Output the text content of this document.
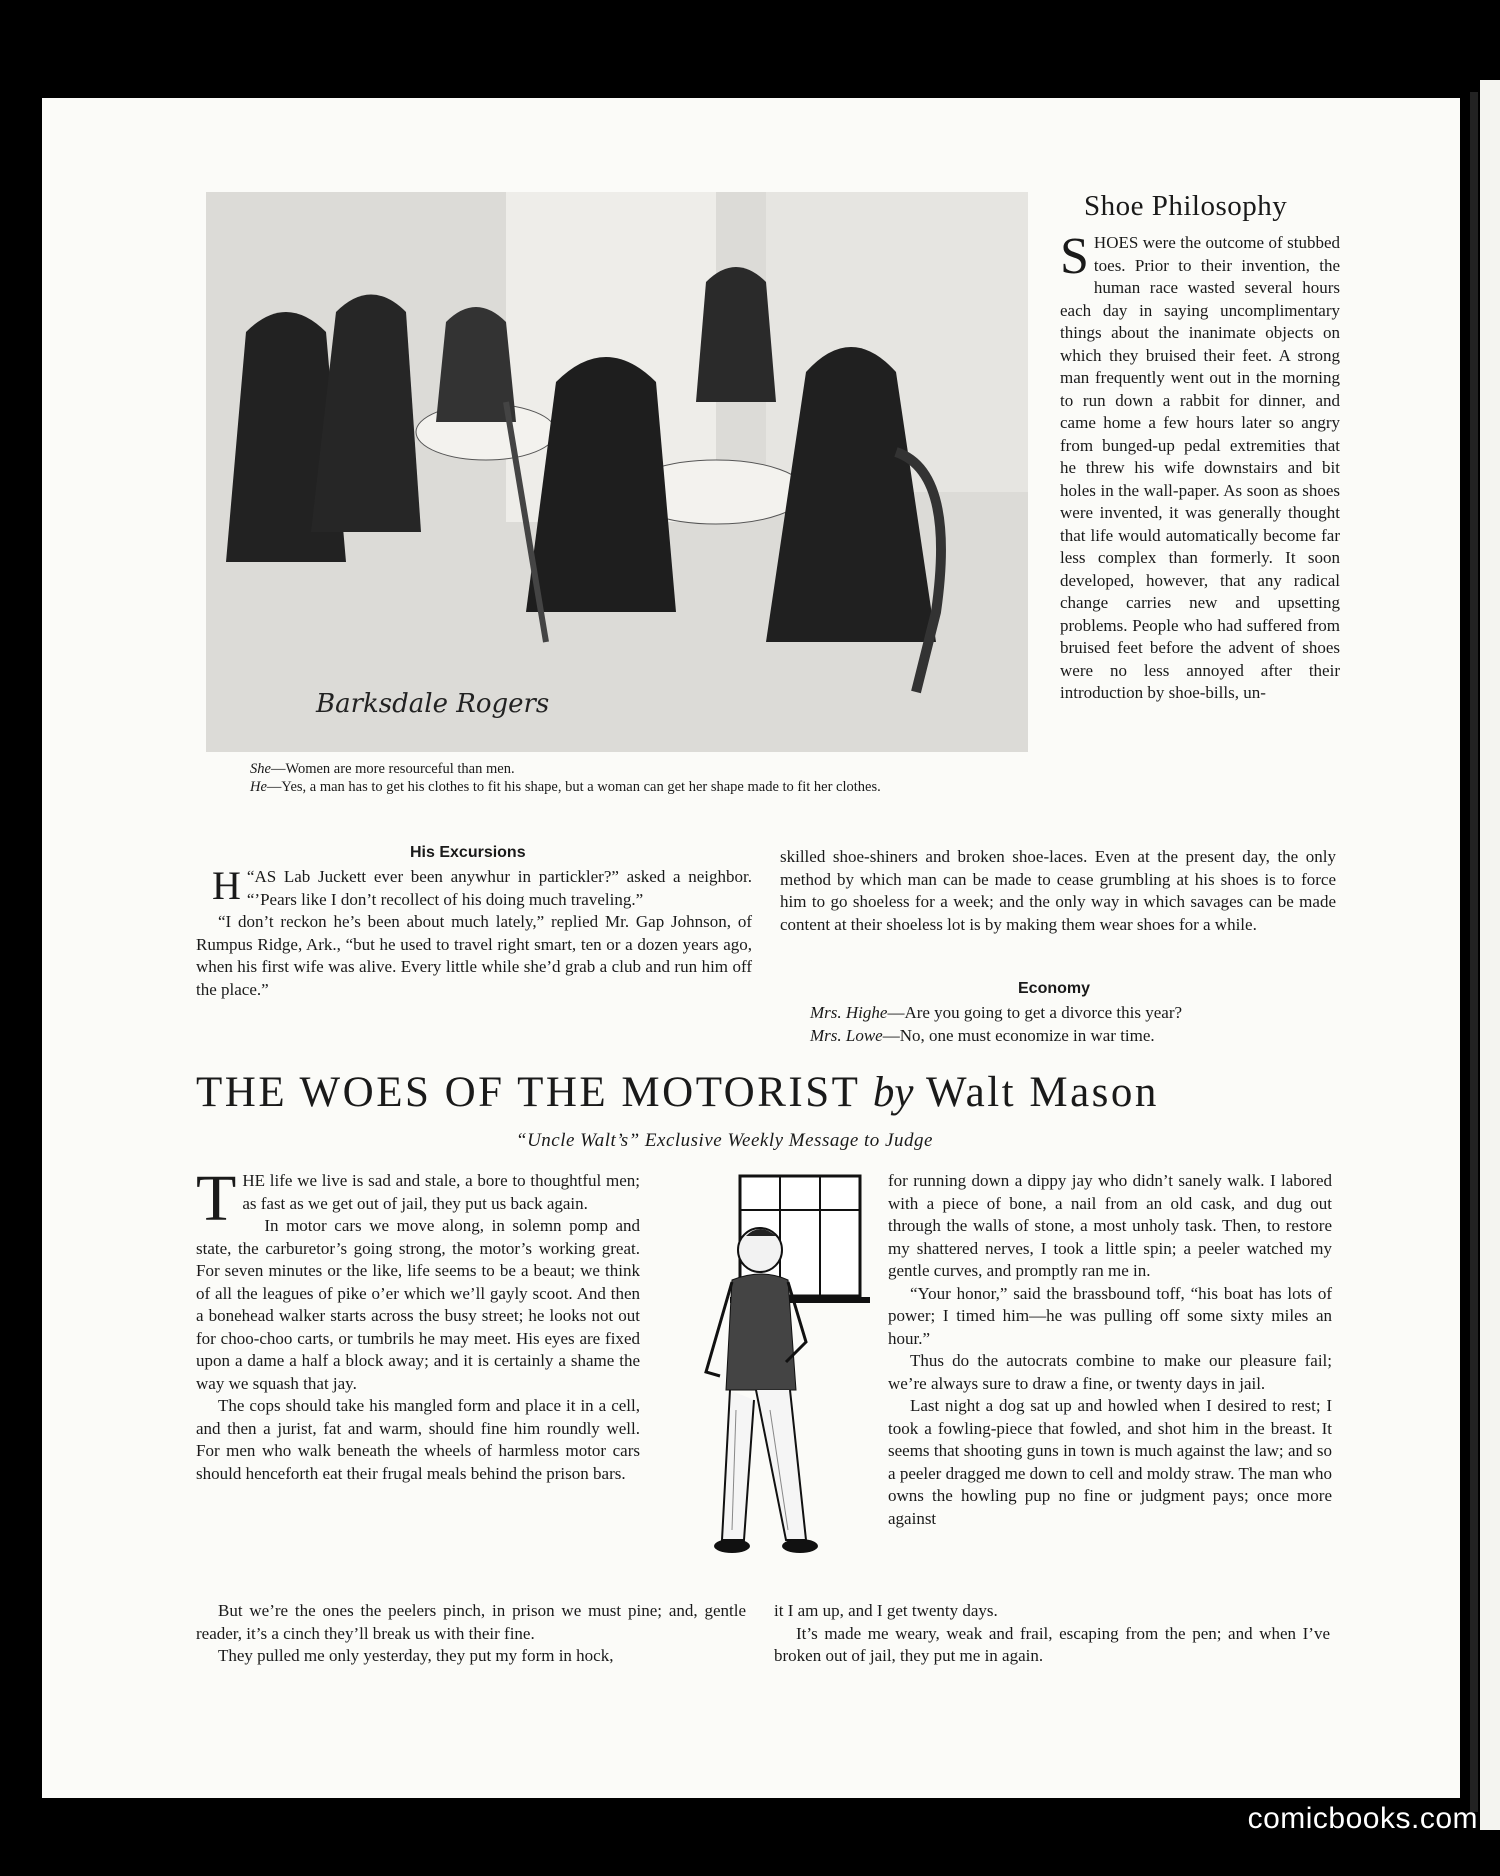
Barksdale Rogers
She—Women are more resourceful than men.
He—Yes, a man has to get his clothes to fit his shape, but a woman can get her shape made to fit her clothes.
Shoe Philosophy
SHOES were the outcome of stubbed toes. Prior to their invention, the human race wasted several hours each day in saying uncomplimentary things about the inanimate objects on which they bruised their feet. A strong man frequently went out in the morning to run down a rabbit for dinner, and came home a few hours later so angry from bunged-up pedal extremities that he threw his wife downstairs and bit holes in the wall-paper. As soon as shoes were invented, it was generally thought that life would automatically become far less complex than formerly. It soon developed, however, that any radical change carries new and upsetting problems. People who had suffered from bruised feet before the advent of shoes were no less annoyed after their introduction by shoe-bills, un-
His Excursions

“
H AS Lab Juckett ever been anywhur in partickler?” asked a neighbor. “’Pears like I don’t recollect of his doing much traveling.”

“I don’t reckon he’s been about much lately,” replied Mr. Gap Johnson, of Rumpus Ridge, Ark., “but he used to travel right smart, ten or a dozen years ago, when his first wife was alive. Every little while she’d grab a club and run him off the place.”

skilled shoe-shiners and broken shoe-laces. Even at the present day, the only method by which man can be made to cease grumbling at his shoes is to force him to go shoeless for a week; and the only way in which savages can be made content at their shoeless lot is by making them wear shoes for a while.

Economy

Mrs. Highe—Are you going to get a divorce this year?

Mrs. Lowe—No, one must economize in war time.

THE WOES OF THE MOTORIST by Walt Mason
“Uncle Walt’s” Exclusive Weekly Message to Judge

THE life we live is sad and stale, a bore to thoughtful men; as fast as we get out of jail, they put us back again.

In motor cars we move along, in solemn pomp and state, the carburetor’s going strong, the motor’s working great. For seven minutes or the like, life seems to be a beaut; we think of all the leagues of pike o’er which we’ll gayly scoot. And then a bonehead walker starts across the busy street; he looks not out for choo-choo carts, or tumbrils he may meet. His eyes are fixed upon a dame a half a block away; and it is certainly a shame the way we squash that jay.

The cops should take his mangled form and place it in a cell, and then a jurist, fat and warm, should fine him roundly well. For men who walk beneath the wheels of harmless motor cars should henceforth eat their frugal meals behind the prison bars.

for running down a dippy jay who didn’t sanely walk. I labored with a piece of bone, a nail from an old cask, and dug out through the walls of stone, a most unholy task. Then, to restore my shattered nerves, I took a little spin; a peeler watched my gentle curves, and promptly ran me in.

“Your honor,” said the brassbound toff, “his boat has lots of power; I timed him—he was pulling off some sixty miles an hour.”

Thus do the autocrats combine to make our pleasure fail; we’re always sure to draw a fine, or twenty days in jail.

Last night a dog sat up and howled when I desired to rest; I took a fowling-piece that fowled, and shot him in the breast. It seems that shooting guns in town is much against the law; and so a peeler dragged me down to cell and moldy straw. The man who owns the howling pup no fine or judgment pays; once more against

But we’re the ones the peelers pinch, in prison we must pine; and, gentle reader, it’s a cinch they’ll break us with their fine.

They pulled me only yesterday, they put my form in hock,

it I am up, and I get twenty days.

It’s made me weary, weak and frail, escaping from the pen; and when I’ve broken out of jail, they put me in again.

comicbooks.com
